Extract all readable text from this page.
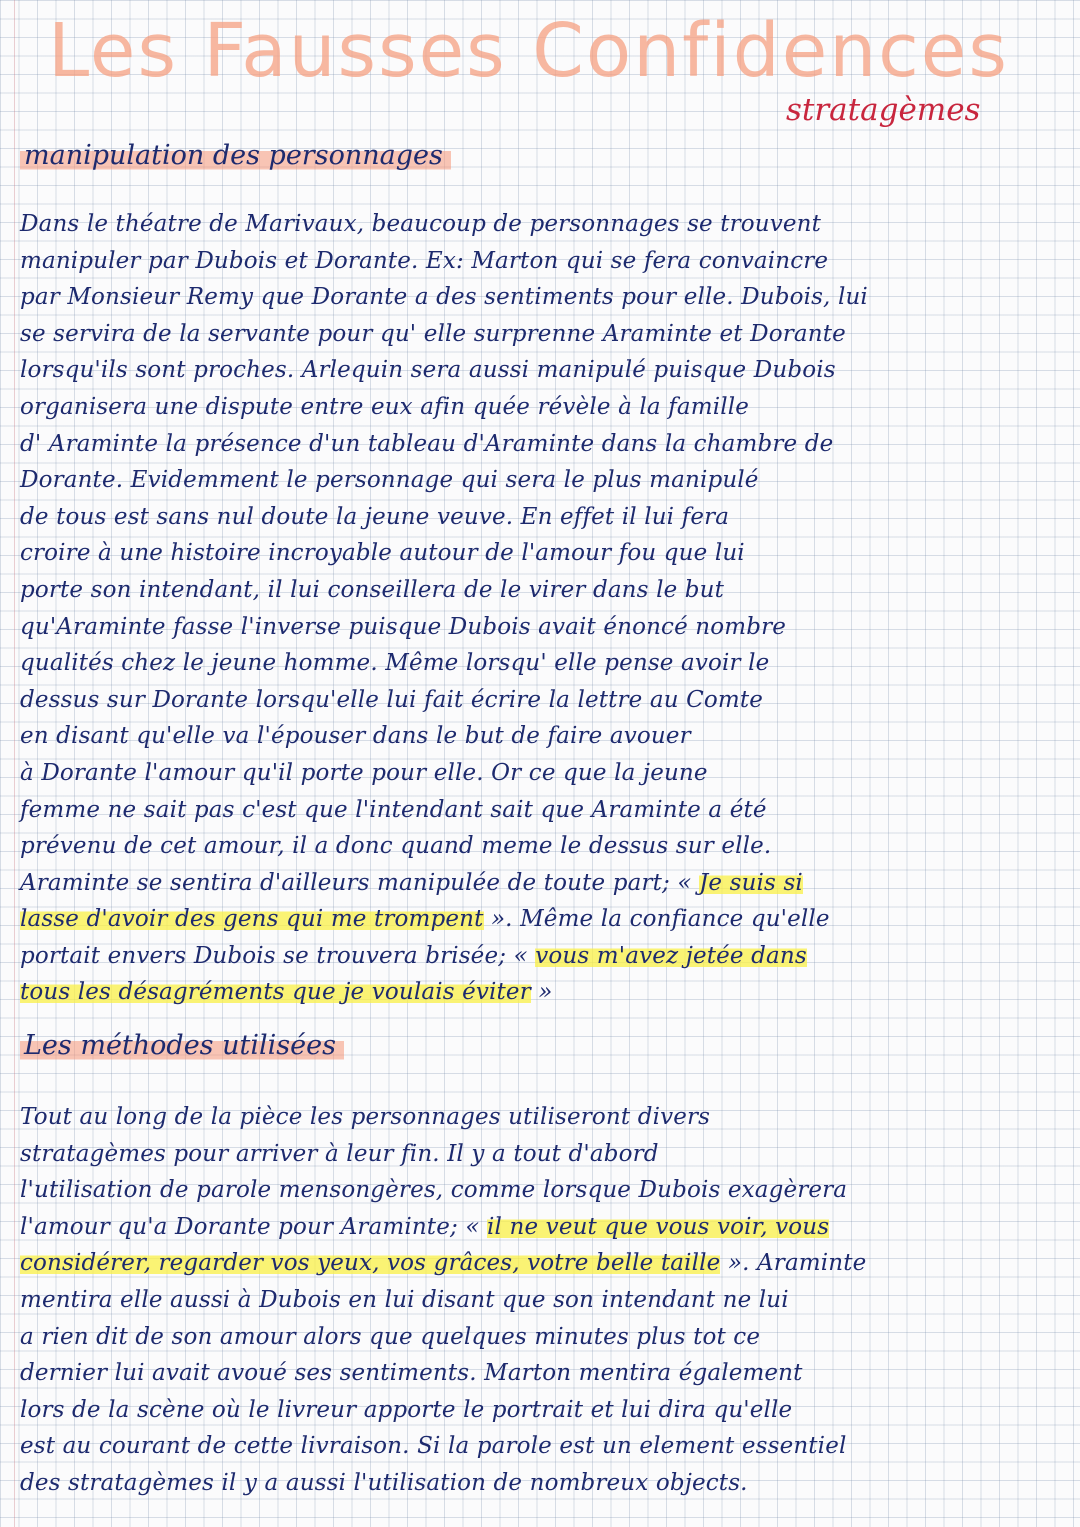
Les Fausses Confidences
stratagèmes
manipulation des personnages
Dans le théatre de Marivaux, beaucoup de personnages se trouvent
manipuler par Dubois et Dorante. Ex: Marton qui se fera convaincre
par Monsieur Remy que Dorante a des sentiments pour elle. Dubois, lui
se servira de la servante pour qu' elle surprenne Araminte et Dorante
lorsqu'ils sont proches. Arlequin sera aussi manipulé puisque Dubois
organisera une dispute entre eux afin quée révèle à la famille
d' Araminte la présence d'un tableau d'Araminte dans la chambre de
Dorante. Evidemment le personnage qui sera le plus manipulé
de tous est sans nul doute la jeune veuve. En effet il lui fera
croire à une histoire incroyable autour de l'amour fou que lui
porte son intendant, il lui conseillera de le virer dans le but
qu'Araminte fasse l'inverse puisque Dubois avait énoncé nombre
qualités chez le jeune homme. Même lorsqu' elle pense avoir le
dessus sur Dorante lorsqu'elle lui fait écrire la lettre au Comte
en disant qu'elle va l'épouser dans le but de faire avouer
à Dorante l'amour qu'il porte pour elle. Or ce que la jeune
femme ne sait pas c'est que l'intendant sait que Araminte a été
prévenu de cet amour, il a donc quand meme le dessus sur elle.
Araminte se sentira d'ailleurs manipulée de toute part; « Je suis si
lasse d'avoir des gens qui me trompent ». Même la confiance qu'elle
portait envers Dubois se trouvera brisée; « vous m'avez jetée dans
tous les désagréments que je voulais éviter »
Les méthodes utilisées
Tout au long de la pièce les personnages utiliseront divers
stratagèmes pour arriver à leur fin. Il y a tout d'abord
l'utilisation de parole mensongères, comme lorsque Dubois exagèrera
l'amour qu'a Dorante pour Araminte; « il ne veut que vous voir, vous
considérer, regarder vos yeux, vos grâces, votre belle taille ». Araminte
mentira elle aussi à Dubois en lui disant que son intendant ne lui
a rien dit de son amour alors que quelques minutes plus tot ce
dernier lui avait avoué ses sentiments. Marton mentira également
lors de la scène où le livreur apporte le portrait et lui dira qu'elle
est au courant de cette livraison. Si la parole est un element essentiel
des stratagèmes il y a aussi l'utilisation de nombreux objects.
